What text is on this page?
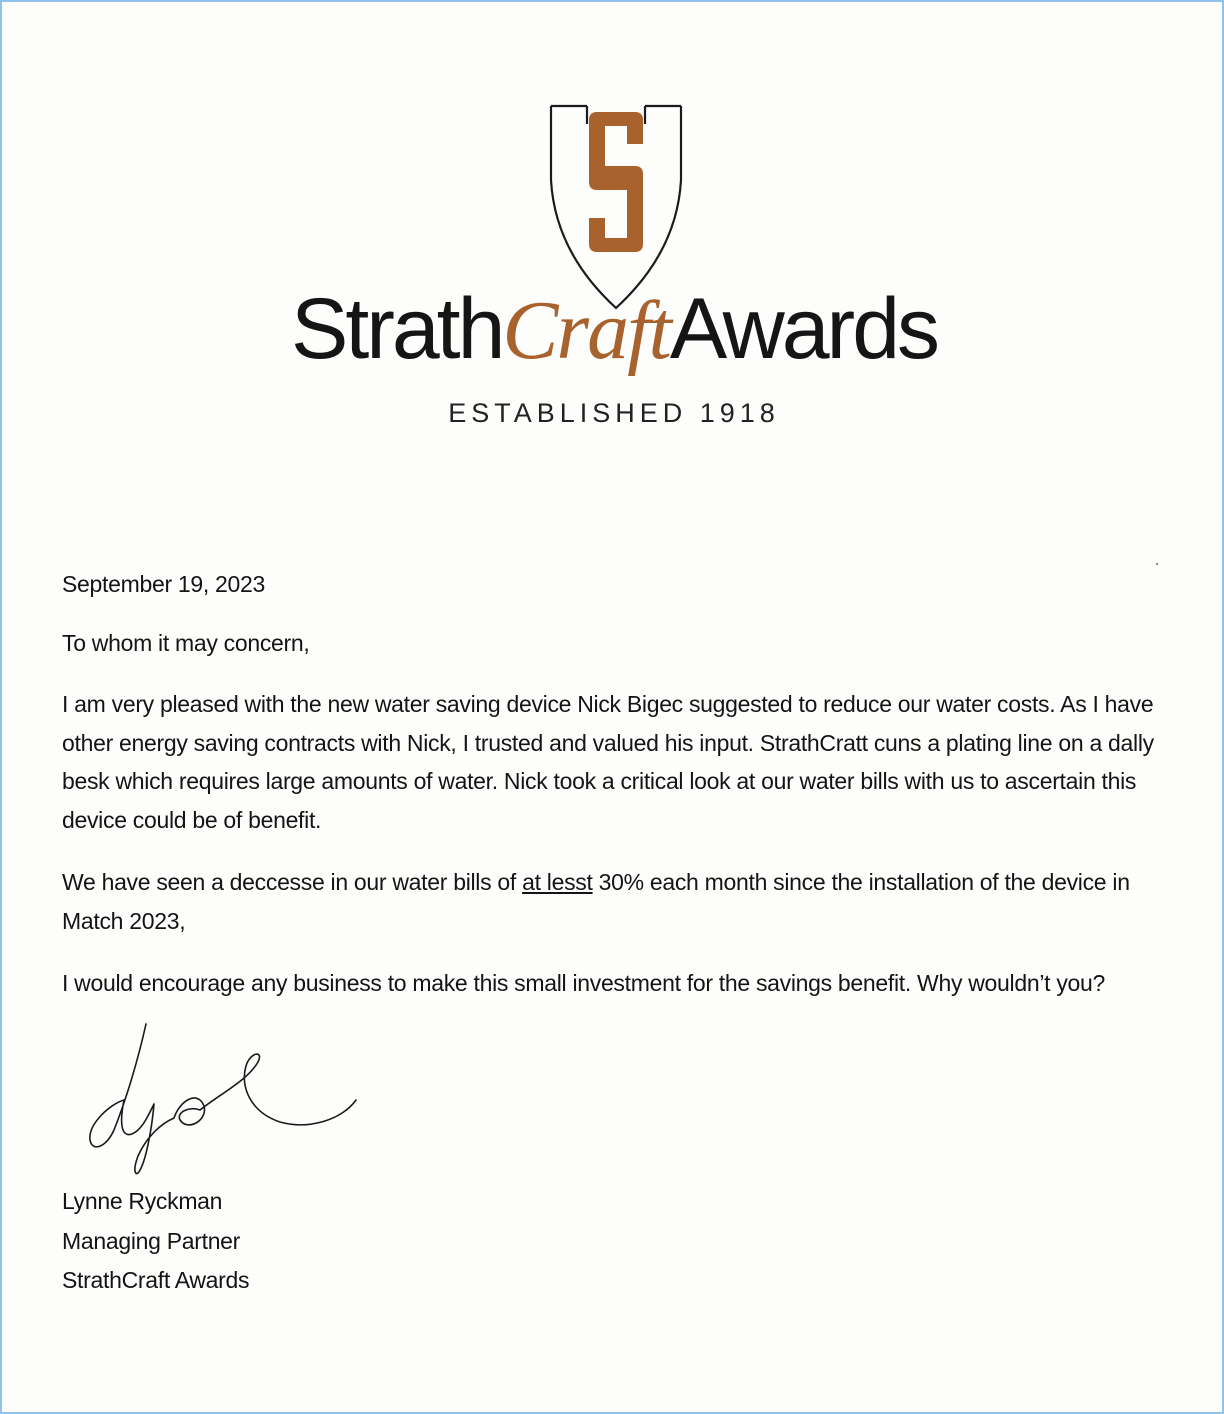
StrathCraftAwards
ESTABLISHED 1918
September 19, 2023
To whom it may concern,

I am very pleased with the new water saving device Nick Bigec suggested to reduce our water costs. As I have other energy saving contracts with Nick, I trusted and valued his input. StrathCratt cuns a plating line on a dally besk which requires large amounts of water. Nick took a critical look at our water bills with us to ascertain this device could be of benefit.

We have seen a deccesse in our water bills of at lesst 30% each month since the installation of the device in Match 2023,

I would encourage any business to make this small investment for the savings benefit. Why wouldn’t you?

Lynne Ryckman
Managing Partner
StrathCraft Awards
